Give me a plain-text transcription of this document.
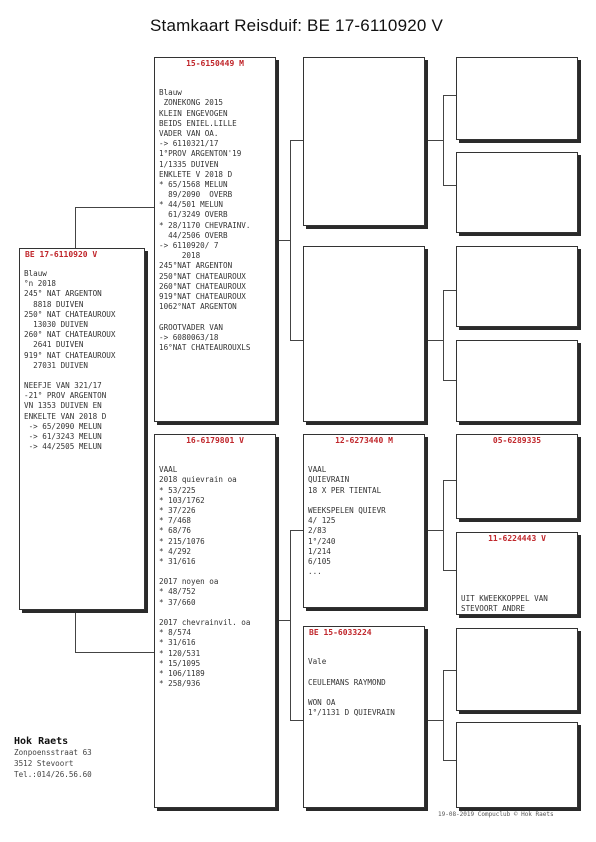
Stamkaart Reisduif: BE 17-6110920 V
BE 17-6110920 V
Blauw
°n 2018
245° NAT ARGENTON
8818 DUIVEN
250° NAT CHATEAUROUX
13030 DUIVEN
260° NAT CHATEAUROUX
2641 DUIVEN
919° NAT CHATEAUROUX
27031 DUIVEN

NEEFJE VAN 321/17
-21° PROV ARGENTON
VN 1353 DUIVEN EN
ENKELTE VAN 2018 D
-> 65/2090 MELUN
-> 61/3243 MELUN
-> 44/2505 MELUN
15-6150449 M

Blauw
ZONEKONG 2015
KLEIN ENGEVOGEN
BEIDS ENIEL.LILLE
VADER VAN OA.
-> 6110321/17
1°PROV ARGENTON'19
1/1335 DUIVEN
ENKLETE V 2018 D
* 65/1568 MELUN
89/2090  OVERB
* 44/501 MELUN
61/3249 OVERB
* 28/1170 CHEVRAINV.
44/2506 OVERB
-> 6110920/ 7
2018
245°NAT ARGENTON
250°NAT CHATEAUROUX
260°NAT CHATEAUROUX
919°NAT CHATEAUROUX
1062°NAT ARGENTON

GROOTVADER VAN
-> 6080063/18
16°NAT CHATEAUROUXLS
16-6179801 V

VAAL
2018 quievrain oa
* 53/225
* 103/1762
* 37/226
* 7/468
* 68/76
* 215/1076
* 4/292
* 31/616

2017 noyen oa
* 48/752
* 37/660

2017 chevrainvil. oa
* 8/574
* 31/616
* 120/531
* 15/1095
* 106/1189
* 258/936
12-6273440 M

VAAL
QUIEVRAIN
18 X PER TIENTAL

WEEKSPELEN QUIEVR
4/ 125
2/83
1°/240
1/214
6/105
...
BE 15-6033224

Vale

CEULEMANS RAYMOND

WON OA
1°/1131 D QUIEVRAIN
05-6289335
11-6224443 V

UIT KWEEKKOPPEL VAN
STEVOORT ANDRE
Hok Raets
Zonpoensstraat 63
3512 Stevoort
Tel.:014/26.56.60
19-08-2019 Compuclub © Hok Raets
